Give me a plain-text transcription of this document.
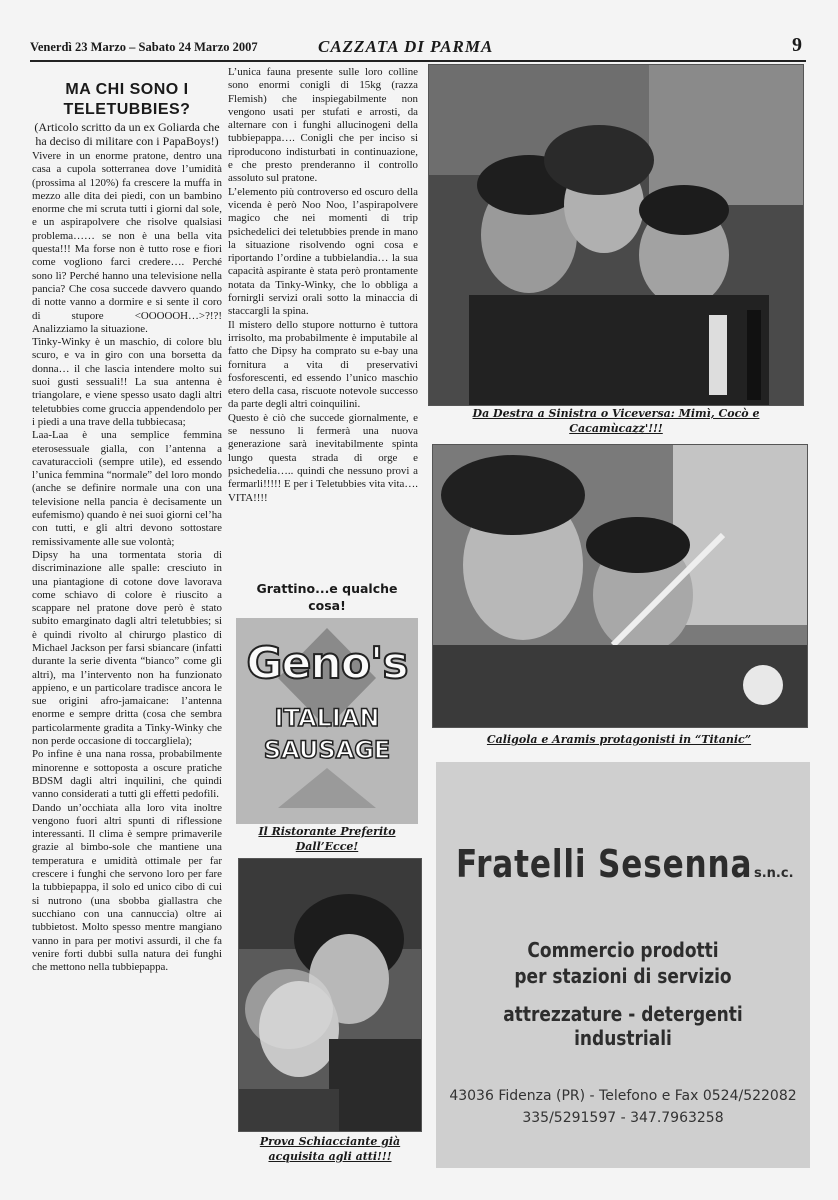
Venerdì 23 Marzo – Sabato 24 Marzo 2007	CAZZATA DI PARMA	9

MA CHI SONO I

TELETUBBIES?

(Articolo scritto da un ex Goliarda che ha deciso di militare con i PapaBoys!)

Vivere in un enorme pratone, dentro una casa a cupola sotterranea dove l’umidità (prossima al 120%) fa crescere la muffa in mezzo alle dita dei piedi, con un bambino enorme che mi scruta tutti i giorni dal sole, e un aspirapolvere che risolve qualsiasi problema…… se non è una bella vita questa!!! Ma forse non è tutto rose e fiori come vogliono farci credere…. Perché sono lì? Perché hanno una televisione nella pancia? Che cosa succede davvero quando di notte vanno a dormire e si sente il coro di stupore <OOOOOH…>?!?! Analizziamo la situazione.

Tinky-Winky è un maschio, di colore blu scuro, e va in giro con una borsetta da donna… il che lascia intendere molto sui suoi gusti sessuali!! La sua antenna è triangolare, e viene spesso usato dagli altri teletubbies come gruccia appendendolo per i piedi a una trave della tubbiecasa;

Laa-Laa è una semplice femmina eterosessuale gialla, con l’antenna a cavaturacciolì (sempre utile), ed essendo l’unica femmina “normale” del loro mondo (anche se definire normale una con una televisione nella pancia è decisamente un eufemismo) quando è nei suoi giorni cel’ha con tutti, e gli altri devono sottostare remissivamente alle sue volontà;

Dipsy ha una tormentata storia di discriminazione alle spalle: cresciuto in una piantagione di cotone dove lavorava come schiavo di colore è riuscito a scappare nel pratone dove però è stato subito emarginato dagli altri teletubbies; si è quindi rivolto al chirurgo plastico di Michael Jackson per farsi sbiancare (infatti durante la serie diventa “bianco” come gli altri), ma l’intervento non ha funzionato appieno, e un particolare tradisce ancora le sue origini afro-jamaicane: l’antenna enorme e sempre dritta (cosa che sembra particolarmente gradita a Tinky-Winky che non perde occasione di toccargliela);

Po infine è una nana rossa, probabilmente minorenne e sottoposta a oscure pratiche BDSM dagli altri inquilini, che quindi vanno considerati a tutti gli effetti pedofili.

Dando un’occhiata alla loro vita inoltre vengono fuori altri spunti di riflessione interessanti. Il clima è sempre primaverile grazie al bimbo-sole che mantiene una temperatura e umidità ottimale per far crescere i funghi che servono loro per fare la tubbiepappa, il solo ed unico cibo di cui si nutrono (una sbobba giallastra che succhiano con una cannuccia) oltre ai tubbietost. Molto spesso mentre mangiano vanno in para per motivi assurdi, il che fa venire forti dubbi sulla natura dei funghi che mettono nella tubbiepappa.

L’unica fauna presente sulle loro colline sono enormi conigli di 15kg (razza Flemish) che inspiegabilmente non vengono usati per stufati e arrosti, da alternare con i funghi allucinogeni della tubbiepappa…. Conigli che per inciso si riproducono indisturbati in continuazione, e che presto prenderanno il controllo assoluto sul pratone.

L’elemento più controverso ed oscuro della vicenda è però Noo Noo, l’aspirapolvere magico che nei momenti di trip psichedelici dei teletubbies prende in mano la situazione risolvendo ogni cosa e riportando l’ordine a tubbielandia… la sua capacità aspirante è stata però prontamente notata da Tinky-Winky, che lo obbliga a fornirgli servizi orali sotto la minaccia di staccargli la spina.

Il mistero dello stupore notturno è tuttora irrisolto, ma probabilmente è imputabile al fatto che Dipsy ha comprato su e-bay una fornitura a vita di preservativi fosforescenti, ed essendo l’unico maschio etero della casa, riscuote notevole successo da parte degli altri coinquilini.

Questo è ciò che succede giornalmente, e se nessuno li fermerà una nuova generazione sarà inevitabilmente spinta lungo questa strada di orge e psichedelia….. quindi che nessuno provi a fermarli!!!!! E per i Teletubbies vita vita…. VITA!!!!

Da Destra a Sinistra o Viceversa: Mimì, Cocò e
Cacamùcazz'!!!
Caligola e Aramis protagonisti in “Titanic”
Grattino...e qualche
cosa!
Geno's
ITALIAN
SAUSAGE
Il Ristorante Preferito
Dall’Ecce!
Prova Schiacciante già
acquisita agli atti!!!
Fratelli Sesenna s.n.c.
Commercio prodotti
per stazioni di servizio
attrezzature - detergenti industriali
43036 Fidenza (PR) - Telefono e Fax 0524/522082
335/5291597 - 347.7963258
